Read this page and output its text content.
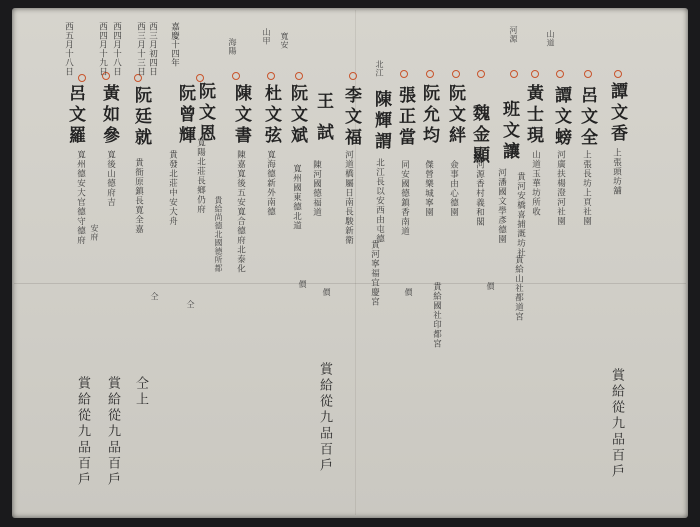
山道

河源

北江

寬安

山甲

海陽

嘉慶十四年

西三月初四日

西三月十三日

西四月十八日

西四月十九日

西五月十八日

譚文香

上張頭坊舖

呂文全

上張長坊上頁社園

譚文螃

河廣扶楊澄河社園

黃士現

山道玉華坊所收

貴河安橋喜捕溉坊社

班文讓

河潘國文學彥德園

貴給山社都道宮

魏金顯

河源香村義和閣

價

阮文絆

僉事由心德園

阮允均

傑營樂城寧園

貴給國社印都宮

張正當

同安國德鎮香南道

價

陳輝謂

北江長以安西由屯德

貴河寧福宜慶宮

李文福

河道橋屬日南長駿新衛

價

阮文斌

陳河國德福道

王 試

寬州國東德北道

價

杜文弦

寬海德新外南德

陳文書

陳嘉寬後五安寬合德府北泰化

貴給尚德北國德所都

阮文恩

寬陽北莊長鄉仍府

仝

阮廷就

貴衙原鎮長寬全嘉

阮曾輝

貴發北莊中安大舟

仝

黃如參

寬後山德府吉

呂文羅

寬州德安大官德守德府 安府

賞給從九品百戶

賞給從九品百戶

仝上

賞給從九品百戶

賞給從九品百戶
